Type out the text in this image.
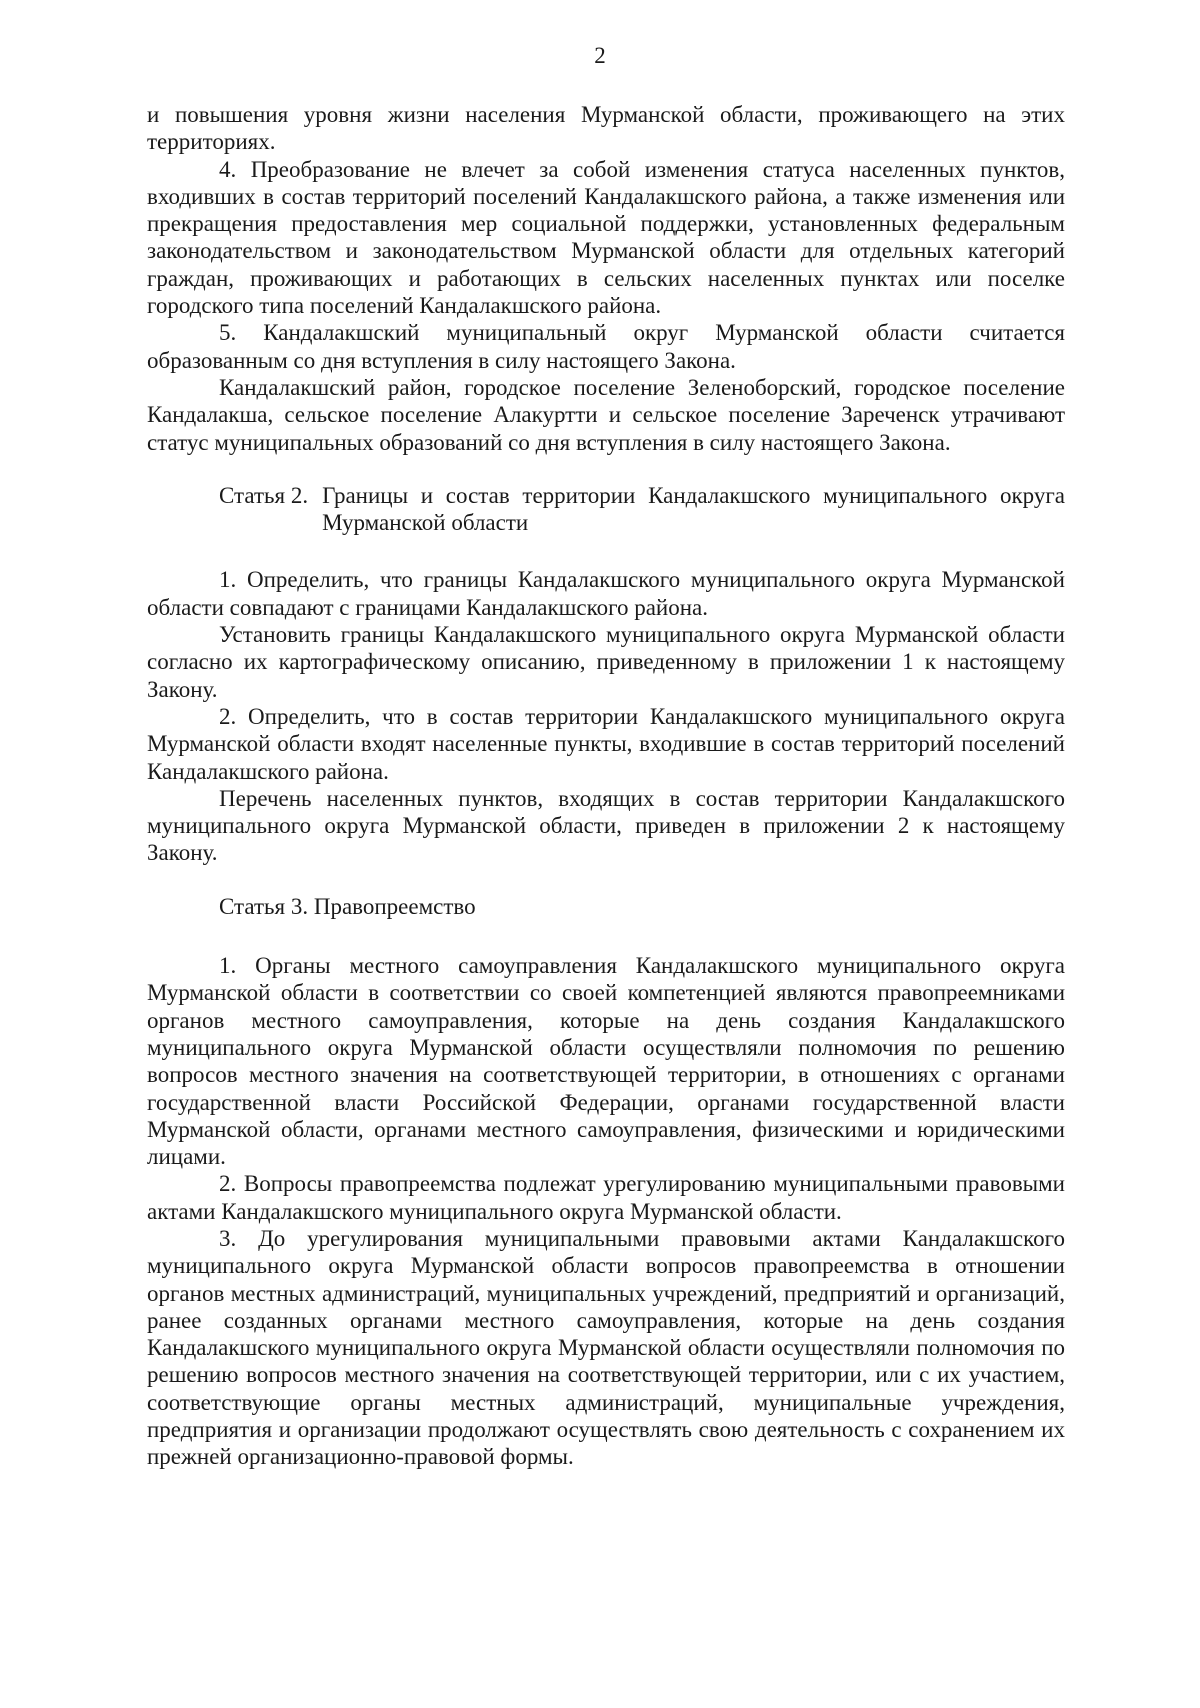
2

и повышения уровня жизни населения Мурманской области, проживающего на этих территориях.

4. Преобразование не влечет за собой изменения статуса населенных пунктов, входивших в состав территорий поселений Кандалакшского района, а также изменения или прекращения предоставления мер социальной поддержки, установленных федеральным законодательством и законодательством Мурманской области для отдельных категорий граждан, проживающих и работающих в сельских населенных пунктах или поселке городского типа поселений Кандалакшского района.

5. Кандалакшский муниципальный округ Мурманской области считается образованным со дня вступления в силу настоящего Закона.

Кандалакшский район, городское поселение Зеленоборский, городское поселение Кандалакша, сельское поселение Алакуртти и сельское поселение Зареченск утрачивают статус муниципальных образований со дня вступления в силу настоящего Закона.

Статья 2. Границы и состав территории Кандалакшского муниципального округа Мурманской области

1. Определить, что границы Кандалакшского муниципального округа Мурманской области совпадают с границами Кандалакшского района.

Установить границы Кандалакшского муниципального округа Мурманской области согласно их картографическому описанию, приведенному в приложении 1 к настоящему Закону.

2. Определить, что в состав территории Кандалакшского муниципального округа Мурманской области входят населенные пункты, входившие в состав территорий поселений Кандалакшского района.

Перечень населенных пунктов, входящих в состав территории Кандалакшского муниципального округа Мурманской области, приведен в приложении 2 к настоящему Закону.

Статья 3. Правопреемство

1. Органы местного самоуправления Кандалакшского муниципального округа Мурманской области в соответствии со своей компетенцией являются правопреемниками органов местного самоуправления, которые на день создания Кандалакшского муниципального округа Мурманской области осуществляли полномочия по решению вопросов местного значения на соответствующей территории, в отношениях с органами государственной власти Российской Федерации, органами государственной власти Мурманской области, органами местного самоуправления, физическими и юридическими лицами.

2. Вопросы правопреемства подлежат урегулированию муниципальными правовыми актами Кандалакшского муниципального округа Мурманской области.

3. До урегулирования муниципальными правовыми актами Кандалакшского муниципального округа Мурманской области вопросов правопреемства в отношении органов местных администраций, муниципальных учреждений, предприятий и организаций, ранее созданных органами местного самоуправления, которые на день создания Кандалакшского муниципального округа Мурманской области осуществляли полномочия по решению вопросов местного значения на соответствующей территории, или с их участием, соответствующие органы местных администраций, муниципальные учреждения, предприятия и организации продолжают осуществлять свою деятельность с сохранением их прежней организационно-правовой формы.
